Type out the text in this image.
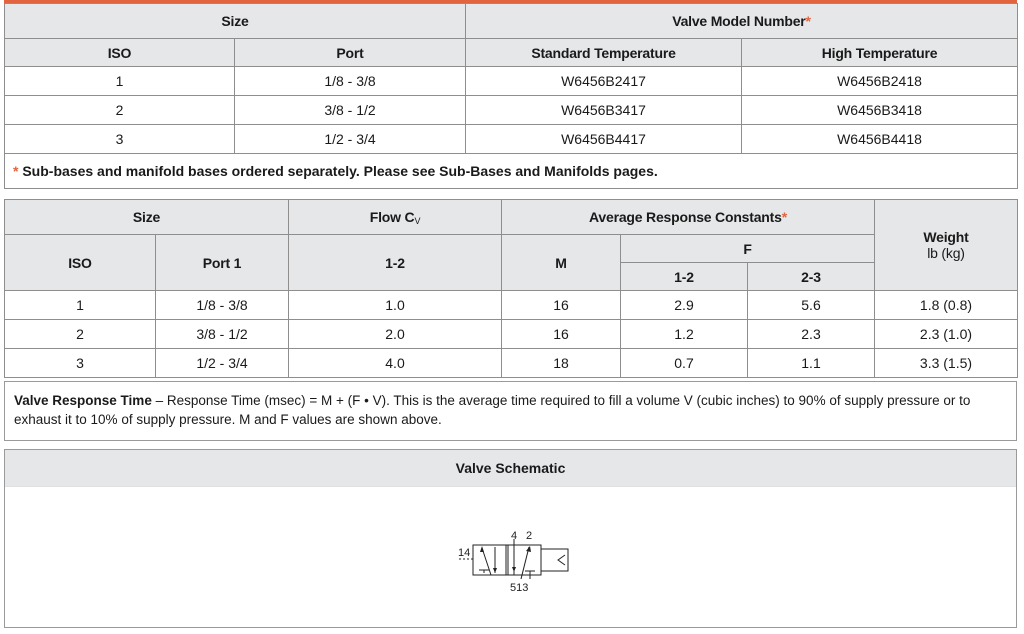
Size		Valve Model Number*	
ISO	Port	Standard Temperature	High Temperature
1	1/8 - 3/8	W6456B2417	W6456B2418
2	3/8 - 1/2	W6456B3417	W6456B3418
3	1/2 - 3/4	W6456B4417	W6456B4418
* Sub-bases and manifold bases ordered separately. Please see Sub-Bases and Manifolds pages.			
Size		Flow $C_V$	Average Response Constants*			Weight
lb (kg)

ISO	Port 1	1-2	M	F		
				1-2	2-3	
1	1/8 - 3/8	1.0	16	2.9	5.6	1.8 (0.8)
2	3/8 - 1/2	2.0	16	1.2	2.3	2.3 (1.0)
3	1/2 - 3/4	4.0	18	0.7	1.1	3.3 (1.5)
Valve Response Time – Response Time (msec) = M + (F • V). This is the average time required to fill a volume V (cubic inches) to 90% of supply pressure or to exhaust it to 10% of supply pressure. M and F values are shown above.
Valve Schematic
14
4 2
513
